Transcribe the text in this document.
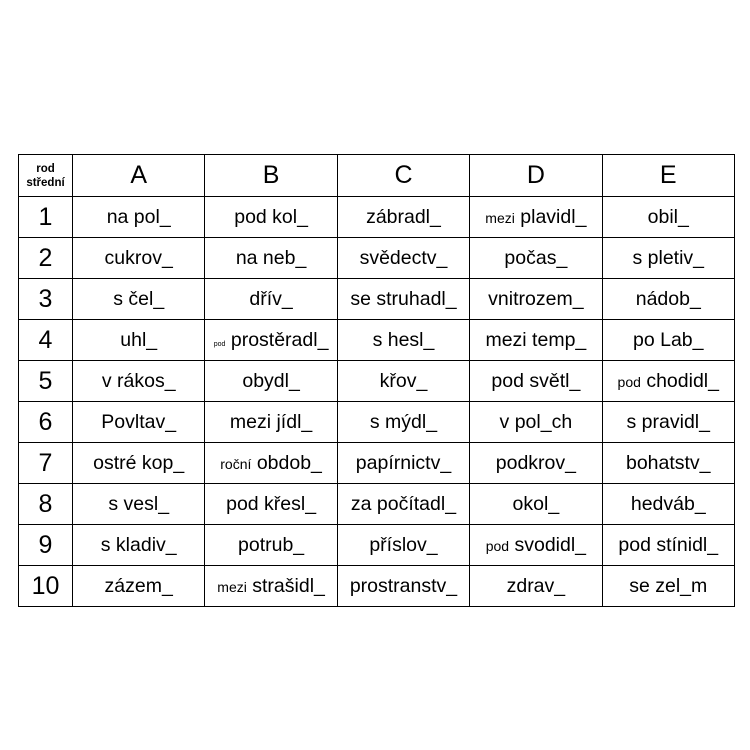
rod
střední	A	B	C	D	E
1	na pol_	pod kol_	zábradl_	mezi plavidl_	obil_
2	cukrov_	na neb_	svědectv_	počas_	s pletiv_
3	s čel_	dřív_	se struhadl_	vnitrozem_	nádob_
4	uhl_	pod prostěradl_	s hesl_	mezi temp_	po Lab_
5	v rákos_	obydl_	křov_	pod světl_	pod chodidl_
6	Povltav_	mezi jídl_	s mýdl_	v pol_ch	s pravidl_
7	ostré kop_	roční obdob_	papírnictv_	podkrov_	bohatstv_
8	s vesl_	pod křesl_	za počítadl_	okol_	hedváb_
9	s kladiv_	potrub_	příslov_	pod svodidl_	pod stínidl_
10	zázem_	mezi strašidl_	prostranstv_	zdrav_	se zel_m
